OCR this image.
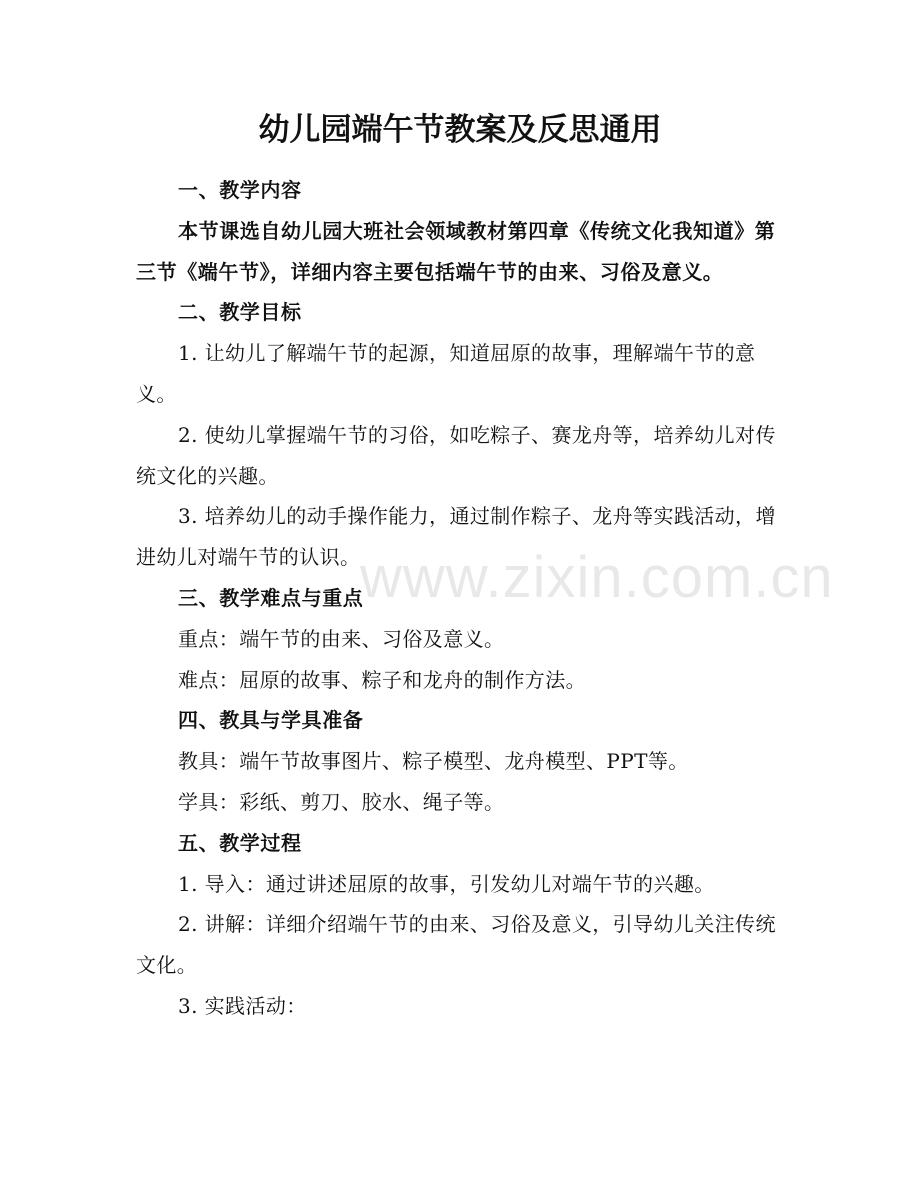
幼儿园端午节教案及反思通用

一、教学内容

本节课选自幼儿园大班社会领域教材第四章《传统文化我知道》第三节《端午节》，详细内容主要包括端午节的由来、习俗及意义。

二、教学目标

1. 让幼儿了解端午节的起源，知道屈原的故事，理解端午节的意义。

2. 使幼儿掌握端午节的习俗，如吃粽子、赛龙舟等，培养幼儿对传统文化的兴趣。

3. 培养幼儿的动手操作能力，通过制作粽子、龙舟等实践活动，增进幼儿对端午节的认识。

三、教学难点与重点

重点：端午节的由来、习俗及意义。

难点：屈原的故事、粽子和龙舟的制作方法。

四、教具与学具准备

教具：端午节故事图片、粽子模型、龙舟模型、PPT等。

学具：彩纸、剪刀、胶水、绳子等。

五、教学过程

1. 导入：通过讲述屈原的故事，引发幼儿对端午节的兴趣。

2. 讲解：详细介绍端午节的由来、习俗及意义，引导幼儿关注传统文化。

3. 实践活动：

www.zixin.com.cn
